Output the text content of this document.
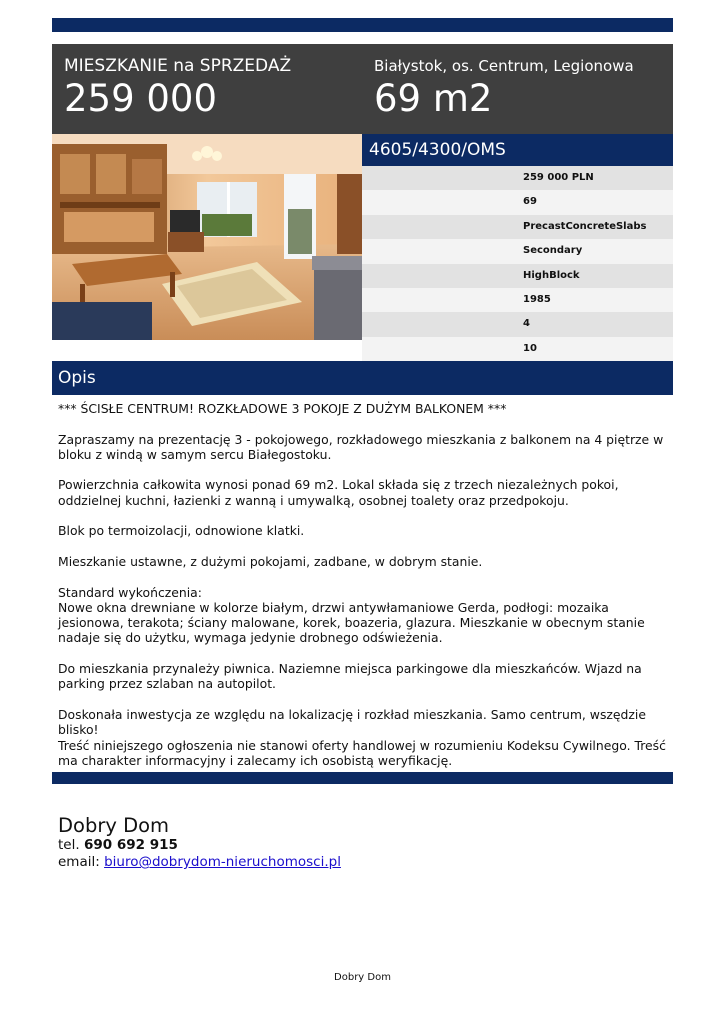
MIESZKANIE na SPRZEDAŻ
259 000
Białystok, os. Centrum, Legionowa
69 m2
4605/4300/OMS
259 000 PLN
69
PrecastConcreteSlabs
Secondary
HighBlock
1985
4
10
Opis

*** ŚCISŁE CENTRUM! ROZKŁADOWE 3 POKOJE Z DUŻYM BALKONEM ***

Zapraszamy na prezentację 3 - pokojowego, rozkładowego mieszkania z balkonem na 4 piętrze w bloku z windą w samym sercu Białegostoku.

Powierzchnia całkowita wynosi ponad 69 m2. Lokal składa się z trzech niezależnych pokoi, oddzielnej kuchni, łazienki z wanną i umywalką, osobnej toalety oraz przedpokoju.

Blok po termoizolacji, odnowione klatki.

Mieszkanie ustawne, z dużymi pokojami, zadbane, w dobrym stanie.

Standard wykończenia:

Nowe okna drewniane w kolorze białym, drzwi antywłamaniowe Gerda, podłogi: mozaika jesionowa, terakota; ściany malowane, korek, boazeria, glazura. Mieszkanie w obecnym stanie nadaje się do użytku, wymaga jedynie drobnego odświeżenia.

Do mieszkania przynależy piwnica. Naziemne miejsca parkingowe dla mieszkańców. Wjazd na parking przez szlaban na autopilot.

Doskonała inwestycja ze względu na lokalizację i rozkład mieszkania. Samo centrum, wszędzie blisko!

Treść niniejszego ogłoszenia nie stanowi oferty handlowej w rozumieniu Kodeksu Cywilnego. Treść ma charakter informacyjny i zalecamy ich osobistą weryfikację.

Dobry Dom
tel. 690 692 915
email: biuro@dobrydom-nieruchomosci.pl
Dobry Dom
